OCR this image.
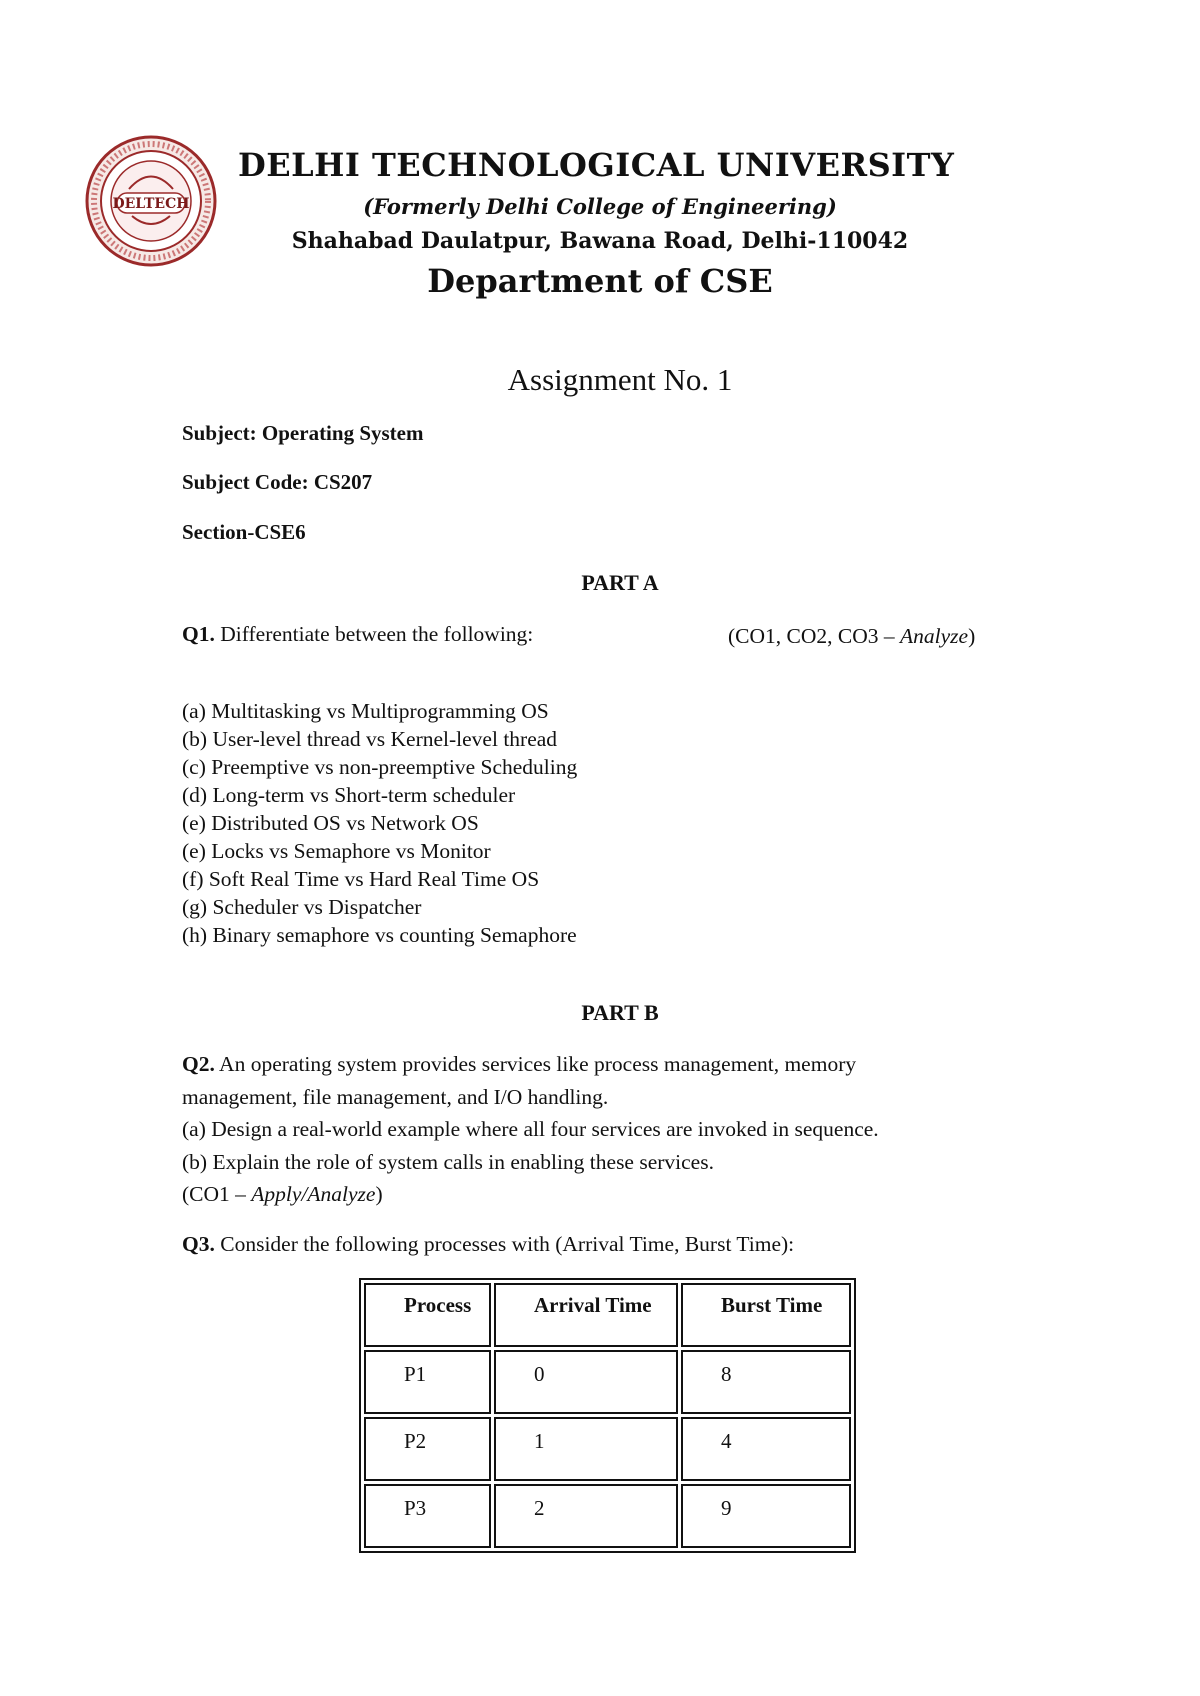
DELTECH
DELHI TECHNOLOGICAL UNIVERSITY
(Formerly Delhi College of Engineering)
Shahabad Daulatpur, Bawana Road, Delhi-110042
Department of CSE
Assignment No. 1
Subject: Operating System
Subject Code: CS207
Section-CSE6
PART A
Q1. Differentiate between the following:	(CO1, CO2, CO3 – Analyze)
(a) Multitasking vs Multiprogramming OS
(b) User-level thread vs Kernel-level thread
(c) Preemptive vs non-preemptive Scheduling
(d) Long-term vs Short-term scheduler
(e) Distributed OS vs Network OS
(e) Locks vs Semaphore vs Monitor
(f) Soft Real Time vs Hard Real Time OS
(g) Scheduler vs Dispatcher
(h) Binary semaphore vs counting Semaphore
PART B
Q2. An operating system provides services like process management, memory
management, file management, and I/O handling.
(a) Design a real-world example where all four services are invoked in sequence.
(b) Explain the role of system calls in enabling these services.
(CO1 – Apply/Analyze)
Q3. Consider the following processes with (Arrival Time, Burst Time):
Process	Arrival Time	Burst Time
P1	0	8
P2	1	4
P3	2	9
